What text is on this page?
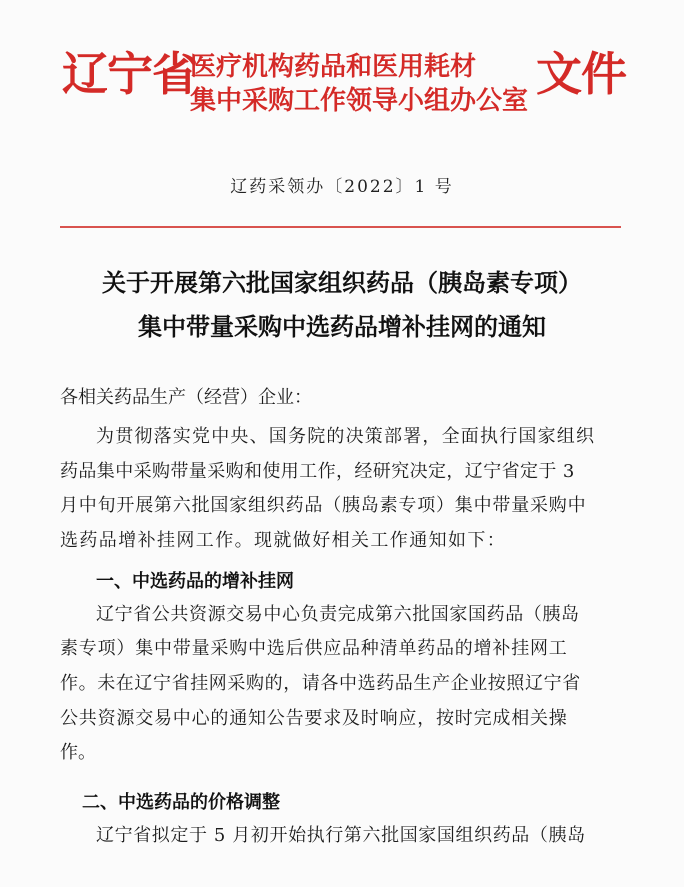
辽宁省
医疗机构药品和医用耗材
集中采购工作领导小组办公室 文件
辽药采领办〔2022〕1 号
关于开展第六批国家组织药品（胰岛素专项）
集中带量采购中选药品增补挂网的通知
各相关药品生产（经营）企业：
为贯彻落实党中央、国务院的决策部署，全面执行国家组织
药品集中采购带量采购和使用工作，经研究决定，辽宁省定于 3
月中旬开展第六批国家组织药品（胰岛素专项）集中带量采购中
选药品增补挂网工作。现就做好相关工作通知如下：
一、中选药品的增补挂网
辽宁省公共资源交易中心负责完成第六批国家国药品（胰岛
素专项）集中带量采购中选后供应品种清单药品的增补挂网工
作。未在辽宁省挂网采购的，请各中选药品生产企业按照辽宁省
公共资源交易中心的通知公告要求及时响应，按时完成相关操
作。
二、中选药品的价格调整
辽宁省拟定于 5 月初开始执行第六批国家国组织药品（胰岛
